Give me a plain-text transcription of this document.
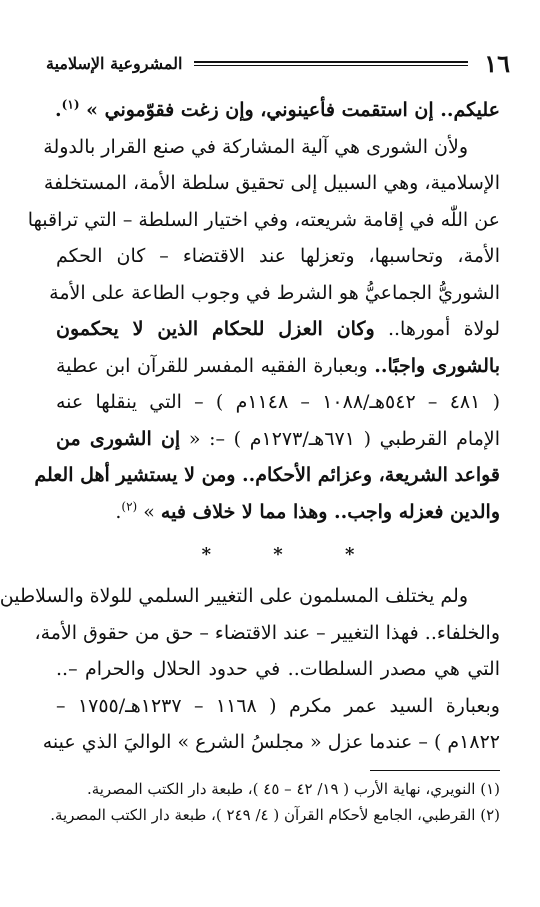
١٦
المشروعية الإسلامية
عليكم.. إن استقمت فأعينوني، وإن زغت فقوّموني » $^{(١)}$.
ولأن الشورى هي آلية المشاركة في صنع القرار بالدولة
الإسلامية، وهي السبيل إلى تحقيق سلطة الأمة، المستخلفة
عن اللّٰه في إقامة شريعته، وفي اختيار السلطة – التي تراقبها
الأمة، وتحاسبها، وتعزلها عند الاقتضاء – كان الحكم
الشوريُّ الجماعيُّ هو الشرط في وجوب الطاعة على الأمة
لولاة أمورها.. وكان العزل للحكام الذين لا يحكمون
بالشورى واجبًا.. وبعبارة الفقيه المفسر للقرآن ابن عطية
( ٤٨١ – ٥٤٢هـ/١٠٨٨ – ١١٤٨م ) – التي ينقلها عنه
الإمام القرطبي ( ٦٧١هـ/١٢٧٣م ) –: « إن الشورى من
قواعد الشريعة، وعزائم الأحكام.. ومن لا يستشير أهل العلم
والدين فعزله واجب.. وهذا مما لا خلاف فيه » $^{(٢)}$.
* * *
ولم يختلف المسلمون على التغيير السلمي للولاة والسلاطين
والخلفاء.. فهذا التغيير – عند الاقتضاء – حق من حقوق الأمة،
التي هي مصدر السلطات.. في حدود الحلال والحرام –..
وبعبارة السيد عمر مكرم ( ١١٦٨ – ١٢٣٧هـ/١٧٥٥ –
١٨٢٢م ) – عندما عزل « مجلسُ الشرع » الواليَ الذي عينه
(١) النويري، نهاية الأرب ( ١٩/ ٤٢ – ٤٥ )، طبعة دار الكتب المصرية.
(٢) القرطبي، الجامع لأحكام القرآن ( ٤/ ٢٤٩ )، طبعة دار الكتب المصرية.
